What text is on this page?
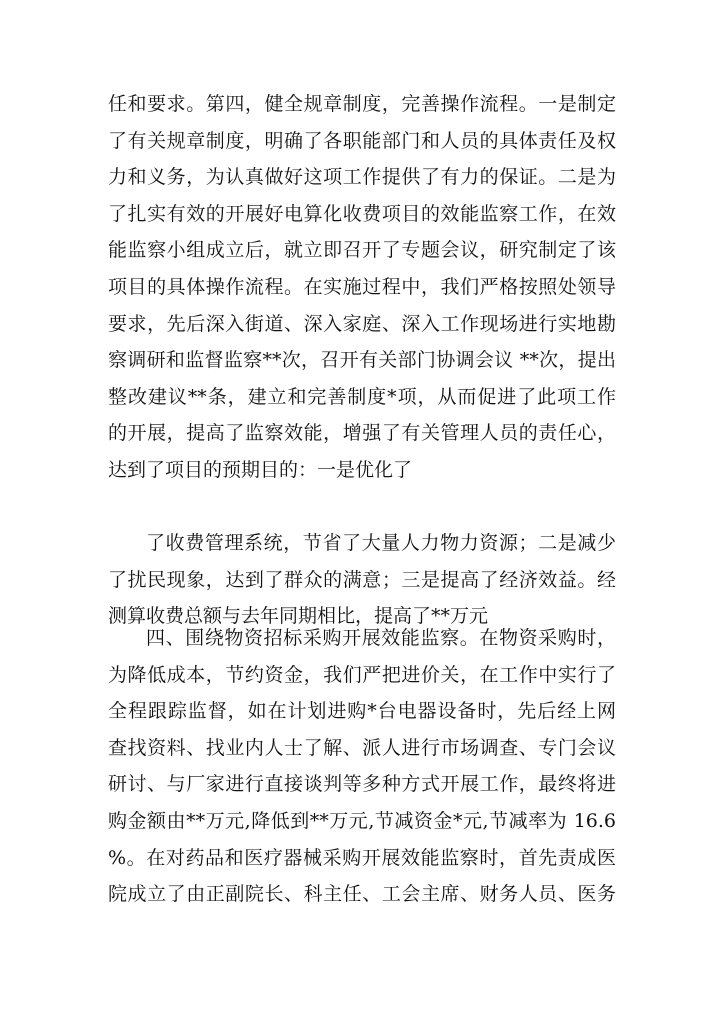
任和要求。第四，健全规章制度，完善操作流程。一是制定
了有关规章制度，明确了各职能部门和人员的具体责任及权
力和义务，为认真做好这项工作提供了有力的保证。二是为
了扎实有效的开展好电算化收费项目的效能监察工作，在效
能监察小组成立后，就立即召开了专题会议，研究制定了该
项目的具体操作流程。在实施过程中，我们严格按照处领导
要求，先后深入街道、深入家庭、深入工作现场进行实地勘
察调研和监督监察**次，召开有关部门协调会议 **次，提出
整改建议**条，建立和完善制度*项，从而促进了此项工作
的开展，提高了监察效能，增强了有关管理人员的责任心，
达到了项目的预期目的：一是优化了
了收费管理系统，节省了大量人力物力资源；二是减少
了扰民现象，达到了群众的满意；三是提高了经济效益。经
测算收费总额与去年同期相比，提高了**万元
四、围绕物资招标采购开展效能监察。在物资采购时，
为降低成本，节约资金，我们严把进价关，在工作中实行了
全程跟踪监督，如在计划进购*台电器设备时，先后经上网
查找资料、找业内人士了解、派人进行市场调查、专门会议
研讨、与厂家进行直接谈判等多种方式开展工作，最终将进
购金额由**万元,降低到**万元,节减资金*元,节减率为 16.6
%。在对药品和医疗器械采购开展效能监察时，首先责成医
院成立了由正副院长、科主任、工会主席、财务人员、医务
